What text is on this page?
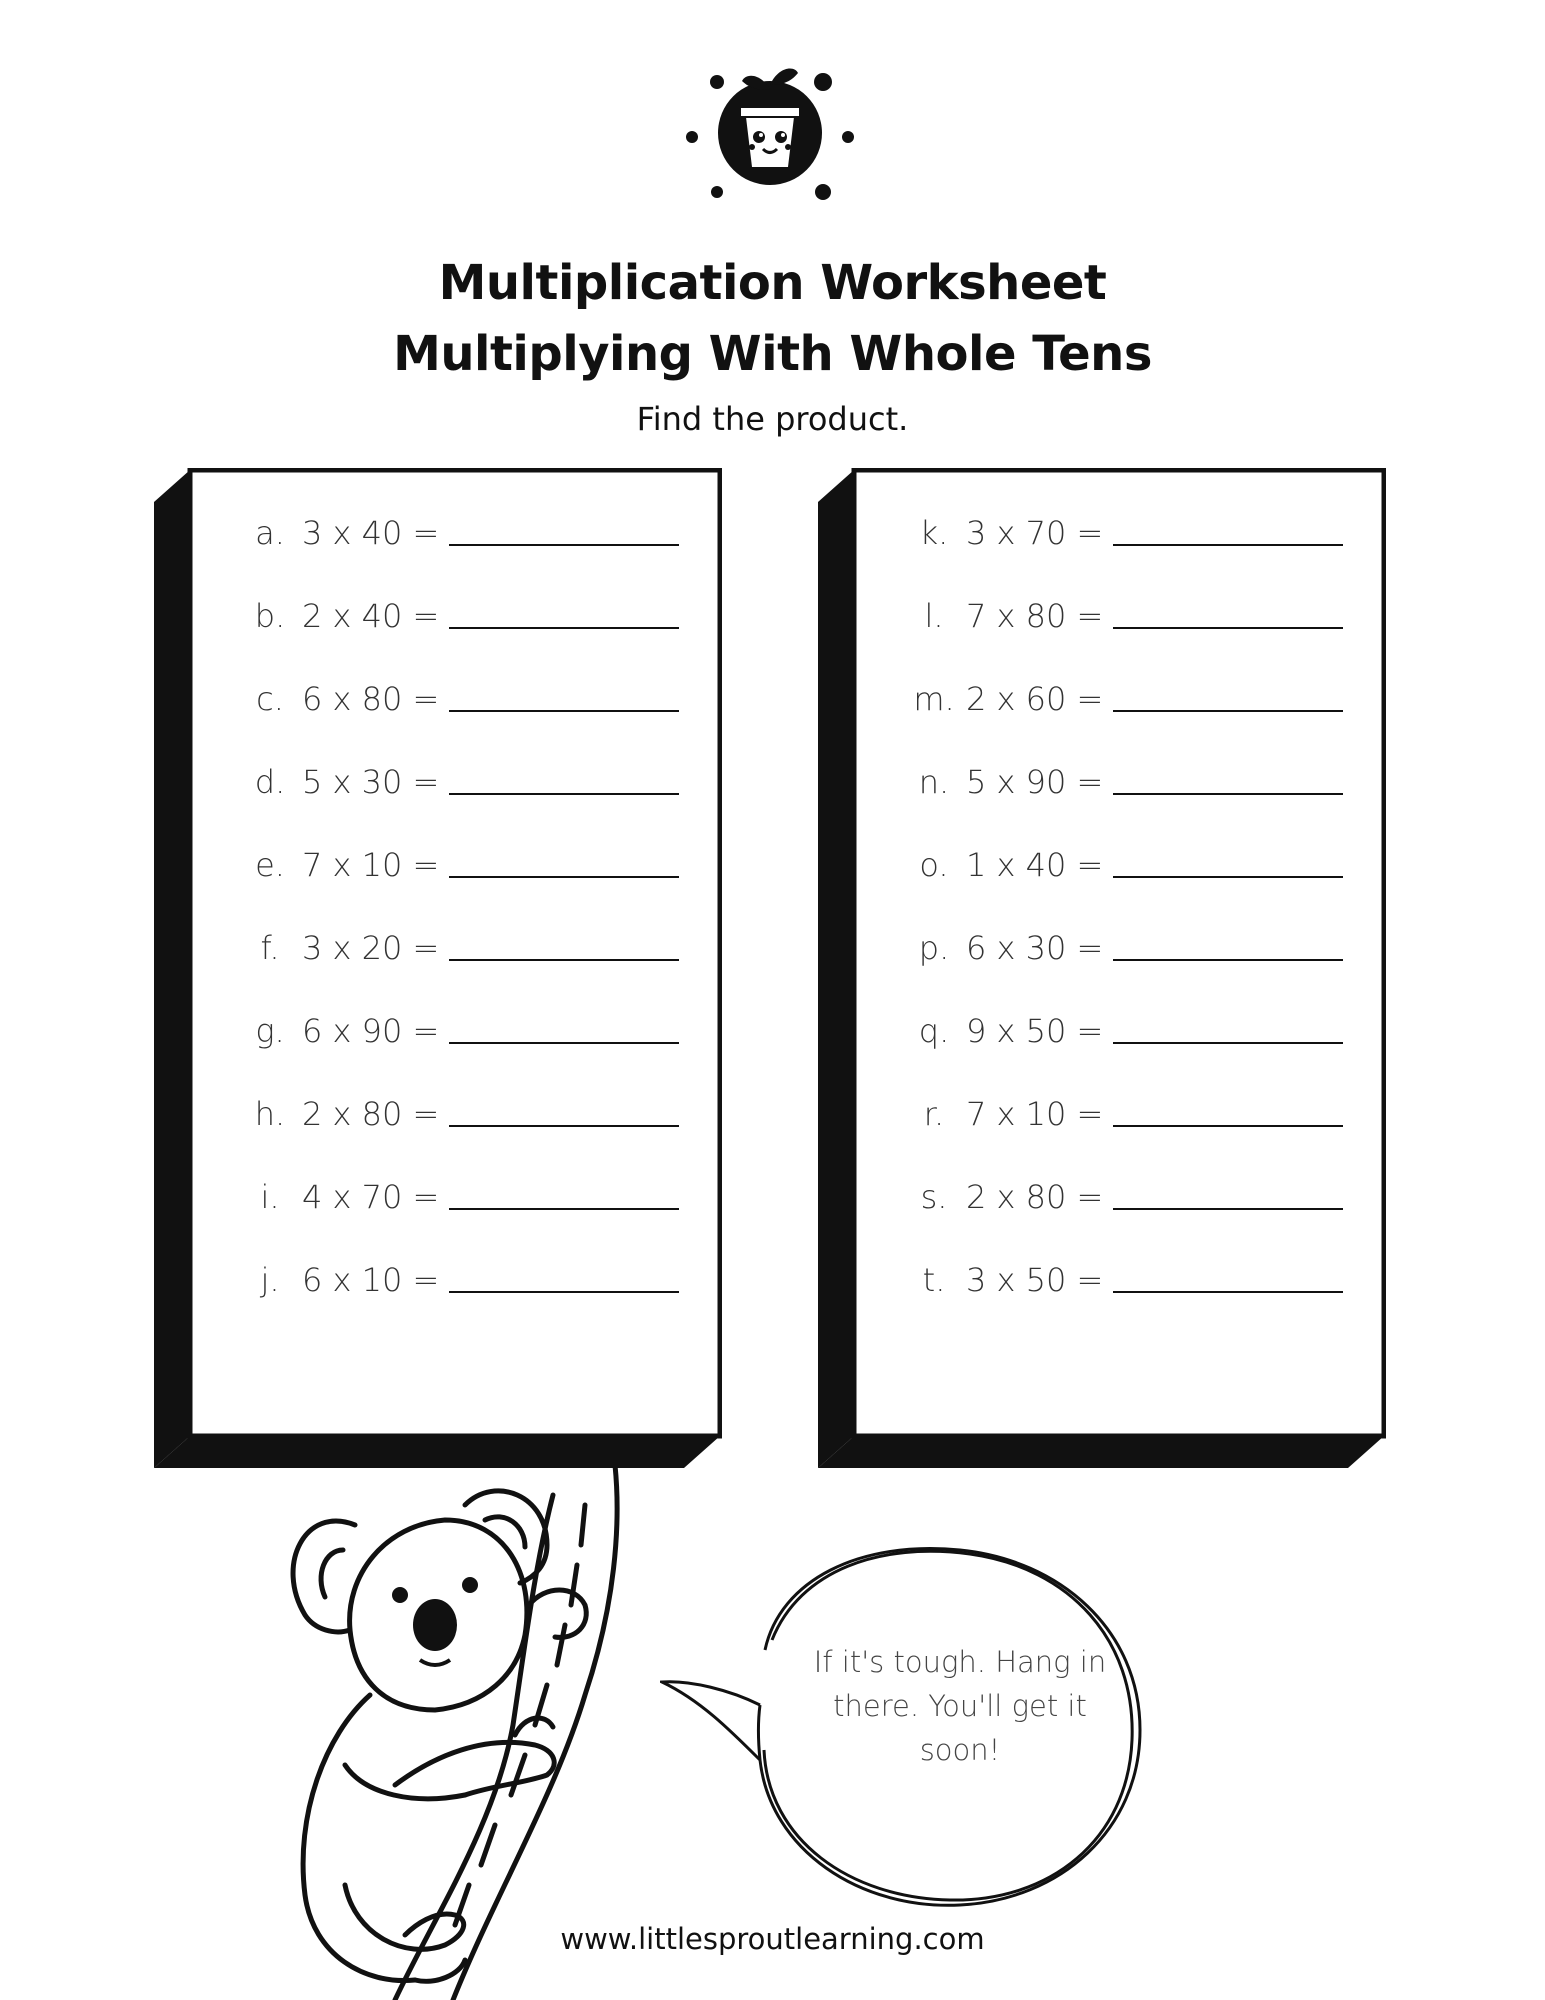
Multiplication Worksheet
Multiplying With Whole Tens
Find the product.
a. 3 x 40 =
b. 2 x 40 =
c. 6 x 80 =
d. 5 x 30 =
e. 7 x 10 =
f. 3 x 20 =
g. 6 x 90 =
h. 2 x 80 =
i. 4 x 70 =
j. 6 x 10 =
k. 3 x 70 =
l. 7 x 80 =
m. 2 x 60 =
n. 5 x 90 =
o. 1 x 40 =
p. 6 x 30 =
q. 9 x 50 =
r. 7 x 10 =
s. 2 x 80 =
t. 3 x 50 =
If it's tough. Hang in
there. You'll get it
soon!
www.littlesproutlearning.com
